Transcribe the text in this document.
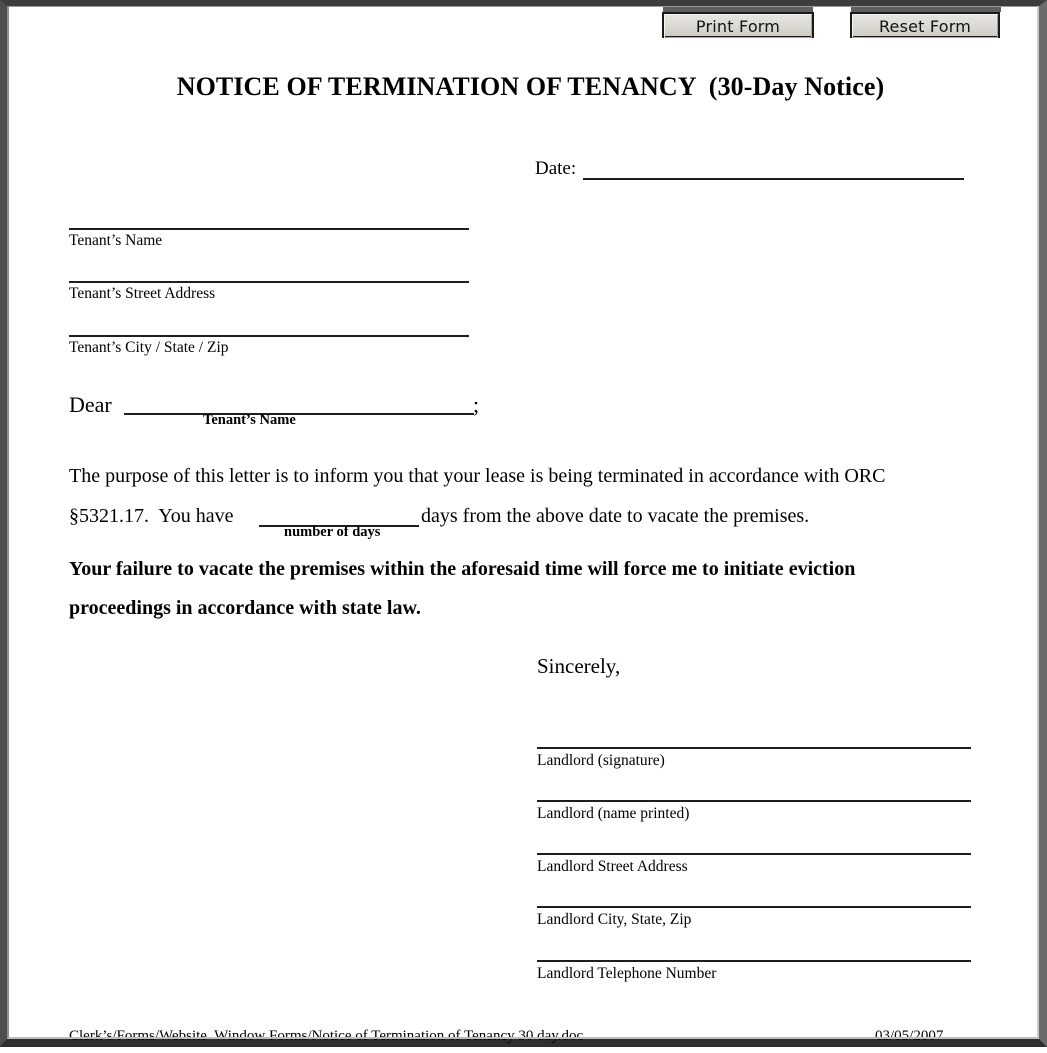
Print Form	Reset Form
NOTICE OF TERMINATION OF TENANCY  (30-Day Notice)
Date:
Tenant’s Name
Tenant’s Street Address
Tenant’s City / State / Zip
Dear	;
Tenant’s Name
The purpose of this letter is to inform you that your lease is being terminated in accordance with ORC
§5321.17.  You have
number of days
days from the above date to vacate the premises.
Your failure to vacate the premises within the aforesaid time will force me to initiate eviction
proceedings in accordance with state law.
Sincerely,
Landlord (signature)
Landlord (name printed)
Landlord Street Address
Landlord City, State, Zip
Landlord Telephone Number
Clerk’s/Forms/Website  Window Forms/Notice of Termination of Tenancy 30 day.doc	03/05/2007
